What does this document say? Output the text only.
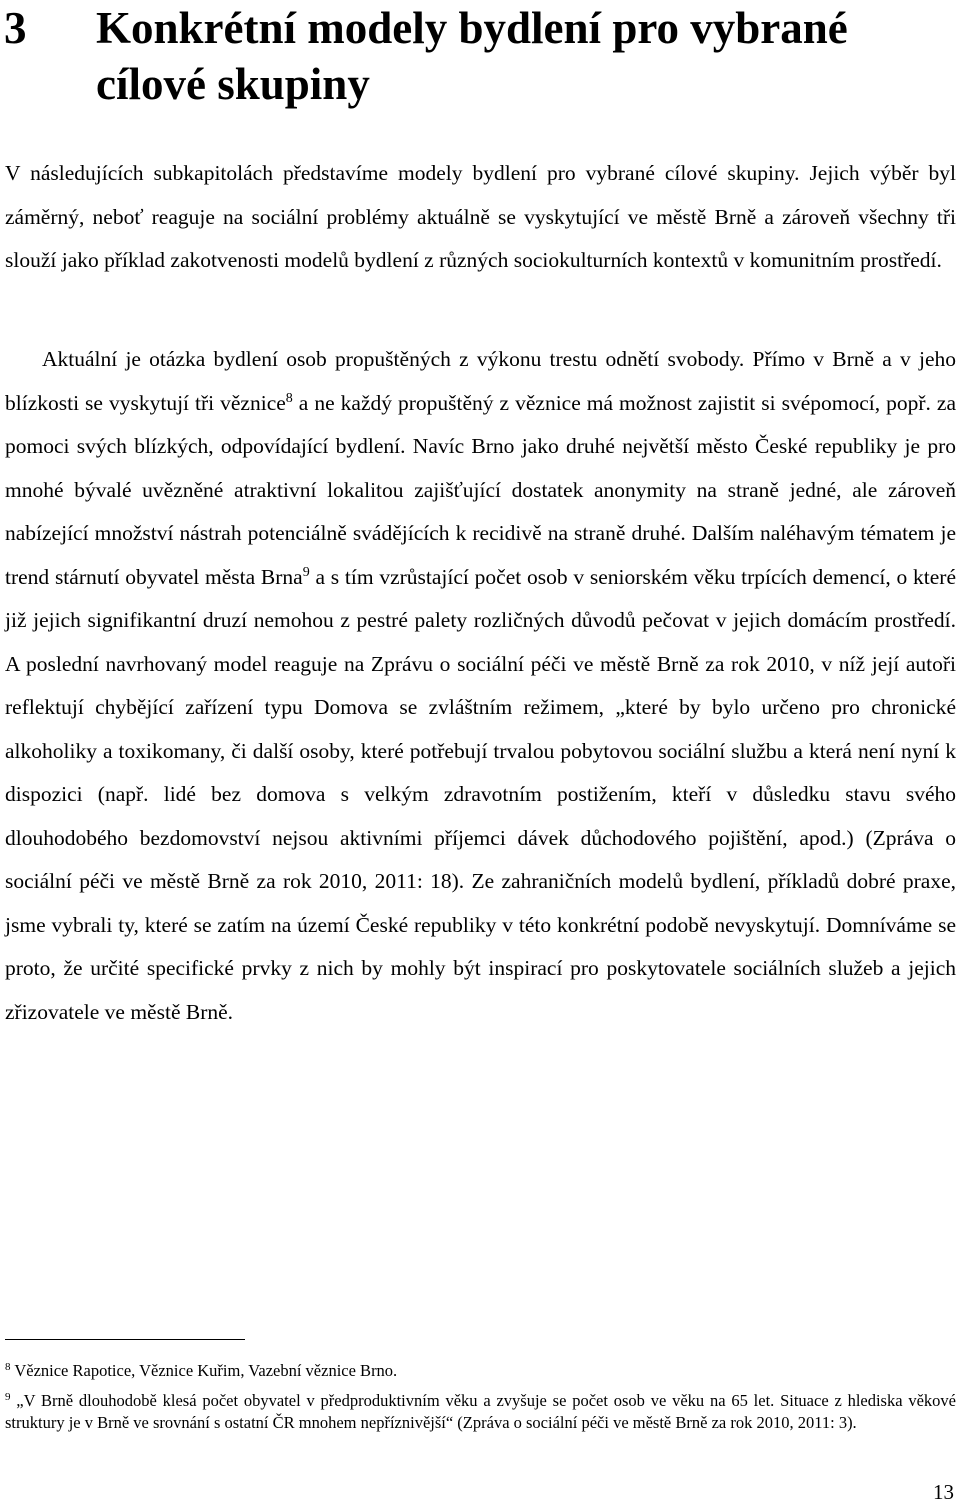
3 Konkrétní modely bydlení pro vybrané cílové skupiny

V následujících subkapitolách představíme modely bydlení pro vybrané cílové skupiny. Jejich výběr byl záměrný, neboť reaguje na sociální problémy aktuálně se vyskytující ve městě Brně a zároveň všechny tři slouží jako příklad zakotvenosti modelů bydlení z různých sociokulturních kontextů v komunitním prostředí.

Aktuální je otázka bydlení osob propuštěných z výkonu trestu odnětí svobody. Přímo v Brně a v jeho blízkosti se vyskytují tři věznice$^8$ a ne každý propuštěný z věznice má možnost zajistit si svépomocí, popř. za pomoci svých blízkých, odpovídající bydlení. Navíc Brno jako druhé největší město České republiky je pro mnohé bývalé uvězněné atraktivní lokalitou zajišťující dostatek anonymity na straně jedné, ale zároveň nabízející množství nástrah potenciálně svádějících k recidivě na straně druhé. Dalším naléhavým tématem je trend stárnutí obyvatel města Brna$^9$ a s tím vzrůstající počet osob v seniorském věku trpících demencí, o které již jejich signifikantní druzí nemohou z pestré palety rozličných důvodů pečovat v jejich domácím prostředí. A poslední navrhovaný model reaguje na Zprávu o sociální péči ve městě Brně za rok 2010, v níž její autoři reflektují chybějící zařízení typu Domova se zvláštním režimem, „které by bylo určeno pro chronické alkoholiky a toxikomany, či další osoby, které potřebují trvalou pobytovou sociální službu a která není nyní k dispozici (např. lidé bez domova s velkým zdravotním postižením, kteří v důsledku stavu svého dlouhodobého bezdomovství nejsou aktivními příjemci dávek důchodového pojištění, apod.) (Zpráva o sociální péči ve městě Brně za rok 2010, 2011: 18). Ze zahraničních modelů bydlení, příkladů dobré praxe, jsme vybrali ty, které se zatím na území České republiky v této konkrétní podobě nevyskytují. Domníváme se proto, že určité specifické prvky z nich by mohly být inspirací pro poskytovatele sociálních služeb a jejich zřizovatele ve městě Brně.

$^8$ Věznice Rapotice, Věznice Kuřim, Vazební věznice Brno.

$^9$ „V Brně dlouhodobě klesá počet obyvatel v předproduktivním věku a zvyšuje se počet osob ve věku na 65 let. Situace z hlediska věkové struktury je v Brně ve srovnání s ostatní ČR mnohem nepříznivější“ (Zpráva o sociální péči ve městě Brně za rok 2010, 2011: 3).

13
